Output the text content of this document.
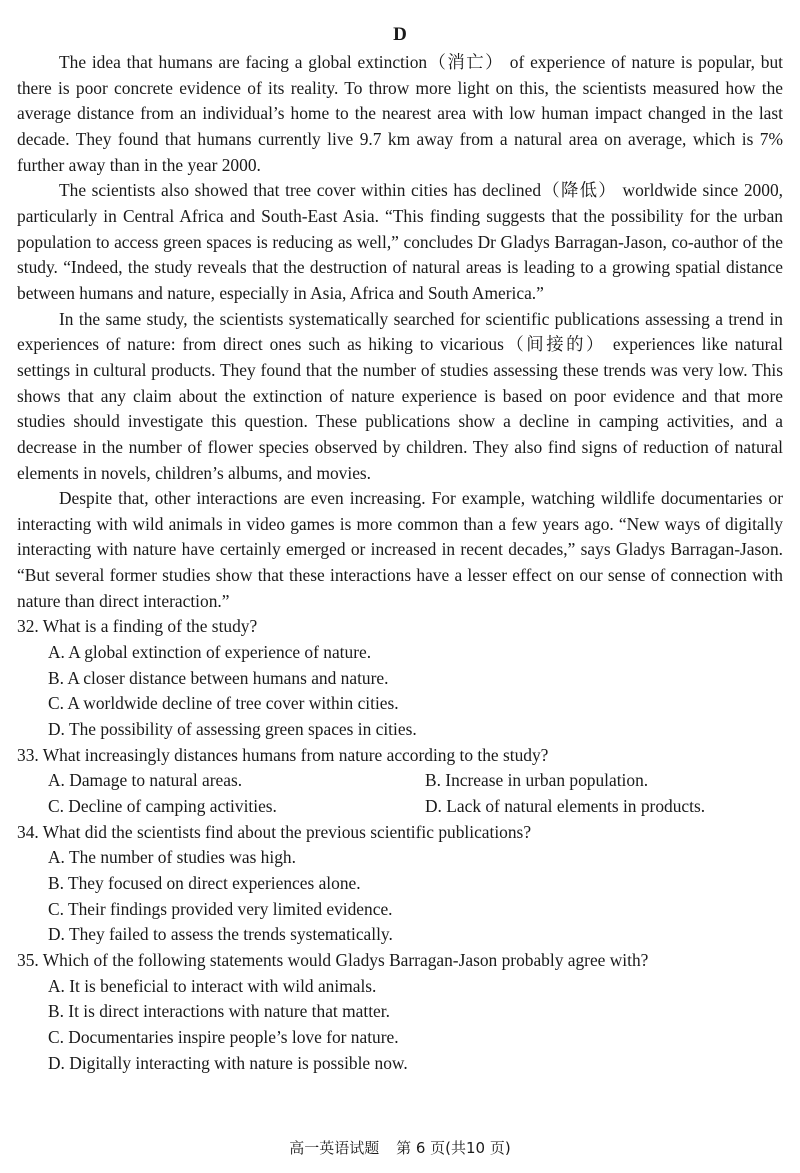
D

The idea that humans are facing a global extinction（消亡） of experience of nature is popular, but there is poor concrete evidence of its reality. To throw more light on this, the scientists measured how the average distance from an individual’s home to the nearest area with low human impact changed in the last decade. They found that humans currently live 9.7 km away from a natural area on average, which is 7% further away than in the year 2000.

The scientists also showed that tree cover within cities has declined（降低） worldwide since 2000, particularly in Central Africa and South-East Asia. “This finding suggests that the possibility for the urban population to access green spaces is reducing as well,” concludes Dr Gladys Barragan-Jason, co-author of the study. “Indeed, the study reveals that the destruction of natural areas is leading to a growing spatial distance between humans and nature, especially in Asia, Africa and South America.”

In the same study, the scientists systematically searched for scientific publications assessing a trend in experiences of nature: from direct ones such as hiking to vicarious（间接的） experiences like natural settings in cultural products. They found that the number of studies assessing these trends was very low. This shows that any claim about the extinction of nature experience is based on poor evidence and that more studies should investigate this question. These publications show a decline in camping activities, and a decrease in the number of flower species observed by children. They also find signs of reduction of natural elements in novels, children’s albums, and movies.

Despite that, other interactions are even increasing. For example, watching wildlife documentaries or interacting with wild animals in video games is more common than a few years ago. “New ways of digitally interacting with nature have certainly emerged or increased in recent decades,” says Gladys Barragan-Jason. “But several former studies show that these interactions have a lesser effect on our sense of connection with nature than direct interaction.”

32. What is a finding of the study?

A. A global extinction of experience of nature.

B. A closer distance between humans and nature.

C. A worldwide decline of tree cover within cities.

D. The possibility of assessing green spaces in cities.

33. What increasingly distances humans from nature according to the study?

A. Damage to natural areas.	B. Increase in urban population.
C. Decline of camping activities.	D. Lack of natural elements in products.

34. What did the scientists find about the previous scientific publications?

A. The number of studies was high.

B. They focused on direct experiences alone.

C. Their findings provided very limited evidence.

D. They failed to assess the trends systematically.

35. Which of the following statements would Gladys Barragan-Jason probably agree with?

A. It is beneficial to interact with wild animals.

B. It is direct interactions with nature that matter.

C. Documentaries inspire people’s love for nature.

D. Digitally interacting with nature is possible now.

高一英语试题 第 6 页(共10 页)
